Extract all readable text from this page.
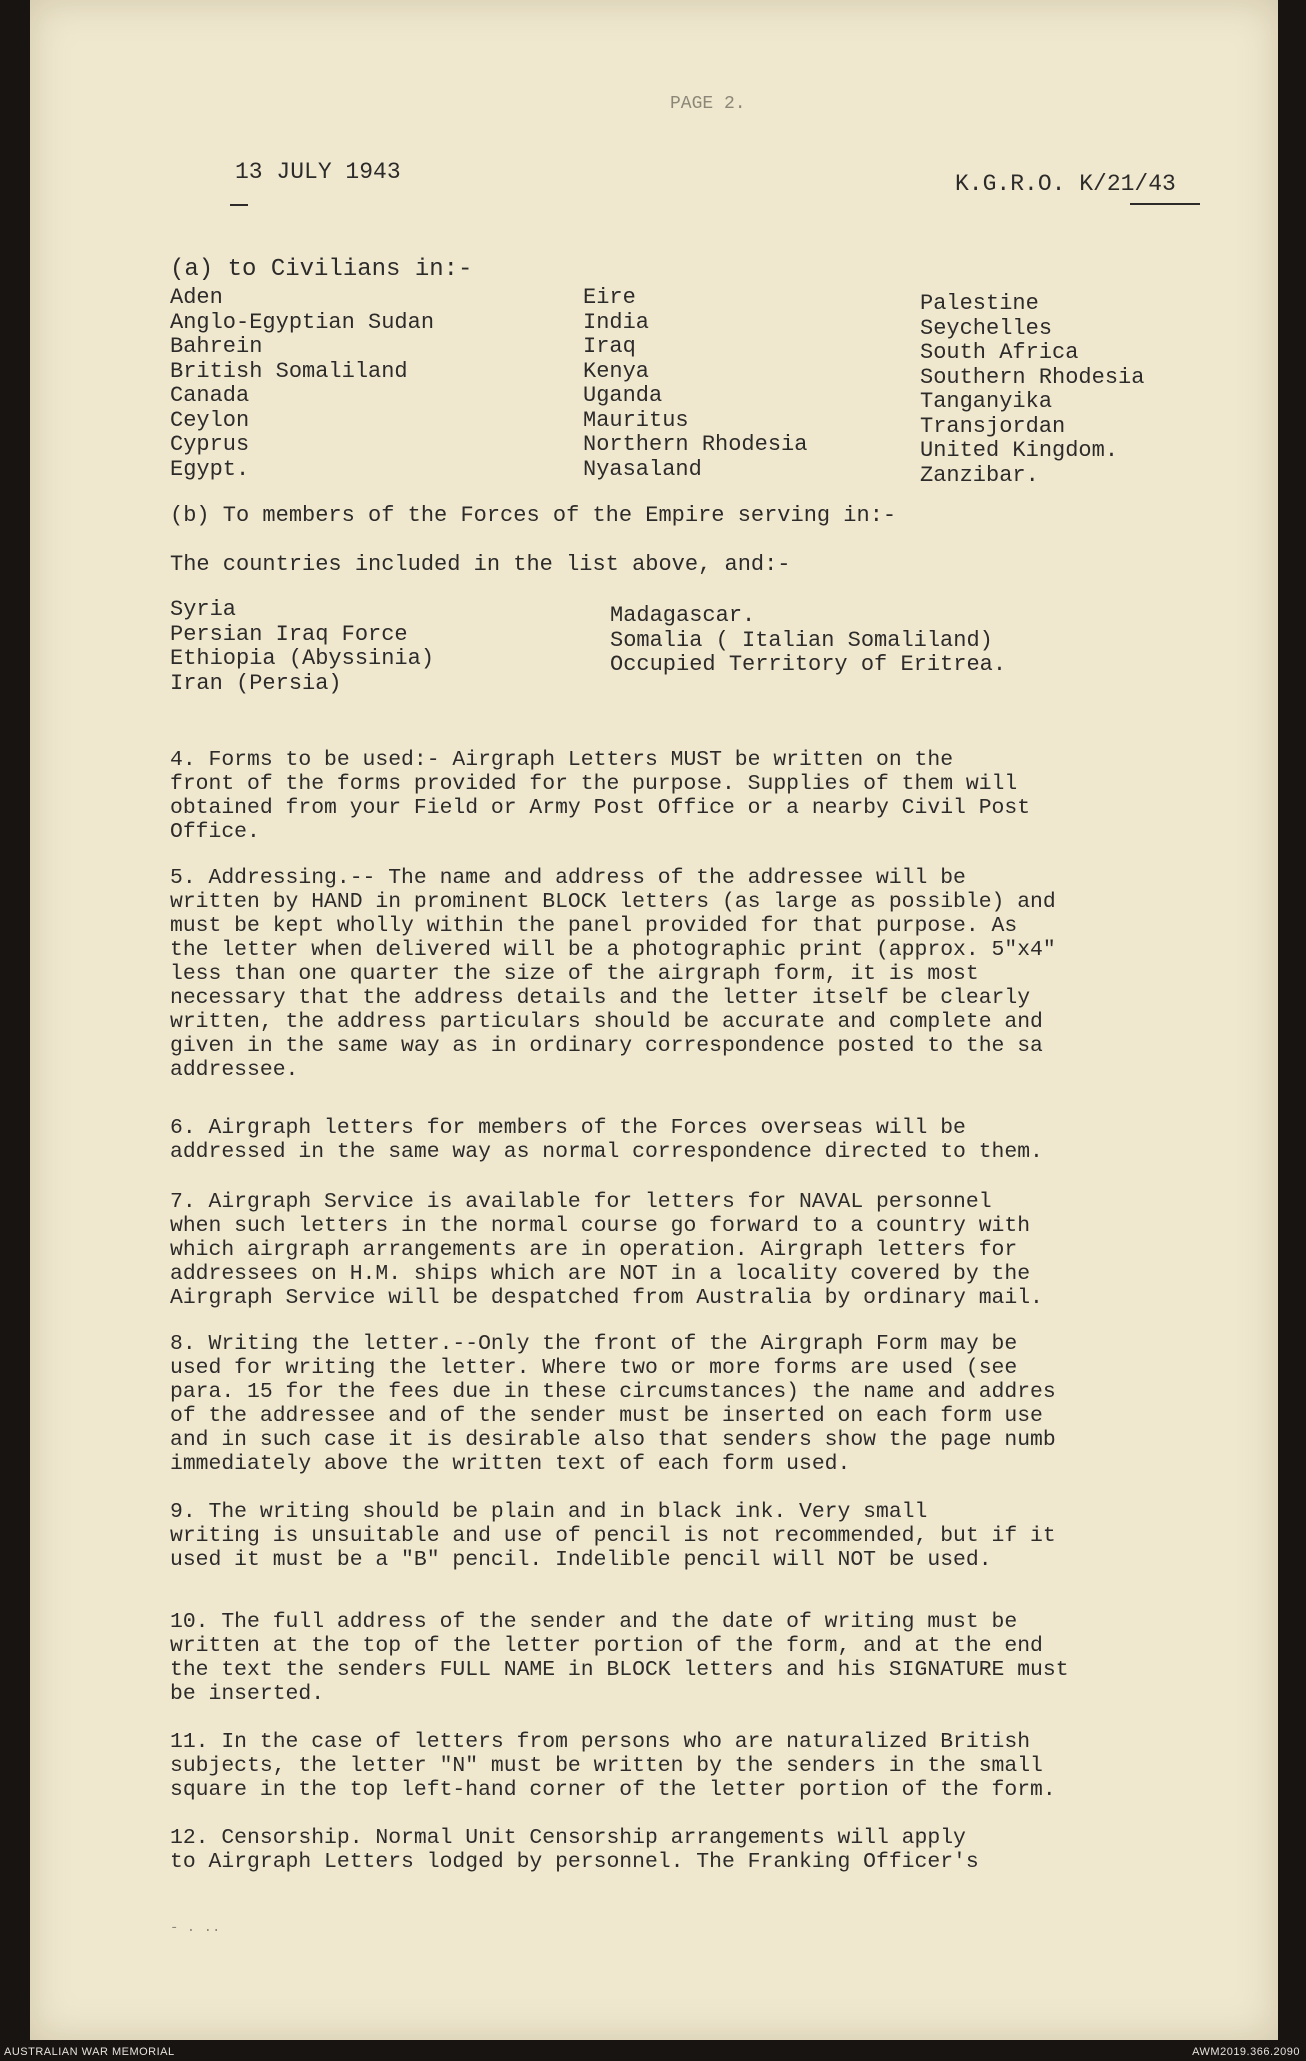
PAGE 2.
13 JULY 1943	K.G.R.O. K/21/43
(a) to Civilians in:-
Aden
Anglo-Egyptian Sudan
Bahrein
British Somaliland
Canada
Ceylon
Cyprus
Egypt.
Eire
India
Iraq
Kenya
Uganda
Mauritus
Northern Rhodesia
Nyasaland
Palestine
Seychelles
South Africa
Southern Rhodesia
Tanganyika
Transjordan
United Kingdom.
Zanzibar.
(b) To members of the Forces of the Empire serving in:-
The countries included in the list above, and:-
Syria
Persian Iraq Force
Ethiopia (Abyssinia)
Iran (Persia)
Madagascar.
Somalia ( Italian Somaliland)
Occupied Territory of Eritrea.

4. Forms to be used:- Airgraph Letters MUST be written on the

front of the forms provided for the purpose. Supplies of them will

obtained from your Field or Army Post Office or a nearby Civil Post

Office.

5. Addressing.-- The name and address of the addressee will be

written by HAND in prominent BLOCK letters (as large as possible) and

must be kept wholly within the panel provided for that purpose. As

the letter when delivered will be a photographic print (approx. 5"x4"

less than one quarter the size of the airgraph form, it is most

necessary that the address details and the letter itself be clearly

written, the address particulars should be accurate and complete and

given in the same way as in ordinary correspondence posted to the sa

addressee.

6. Airgraph letters for members of the Forces overseas will be

addressed in the same way as normal correspondence directed to them.

7. Airgraph Service is available for letters for NAVAL personnel

when such letters in the normal course go forward to a country with

which airgraph arrangements are in operation. Airgraph letters for

addressees on H.M. ships which are NOT in a locality covered by the

Airgraph Service will be despatched from Australia by ordinary mail.

8. Writing the letter.--Only the front of the Airgraph Form may be

used for writing the letter. Where two or more forms are used (see

para. 15 for the fees due in these circumstances) the name and addres

of the addressee and of the sender must be inserted on each form use

and in such case it is desirable also that senders show the page numb

immediately above the written text of each form used.

9. The writing should be plain and in black ink. Very small

writing is unsuitable and use of pencil is not recommended, but if it

used it must be a "B" pencil. Indelible pencil will NOT be used.

10. The full address of the sender and the date of writing must be

written at the top of the letter portion of the form, and at the end

the text the senders FULL NAME in BLOCK letters and his SIGNATURE must

be inserted.

11. In the case of letters from persons who are naturalized British

subjects, the letter "N" must be written by the senders in the small

square in the top left-hand corner of the letter portion of the form.

12. Censorship. Normal Unit Censorship arrangements will apply

to Airgraph Letters lodged by personnel. The Franking Officer's

- . ..
AUSTRALIAN WAR MEMORIAL	AWM2019.366.2090
